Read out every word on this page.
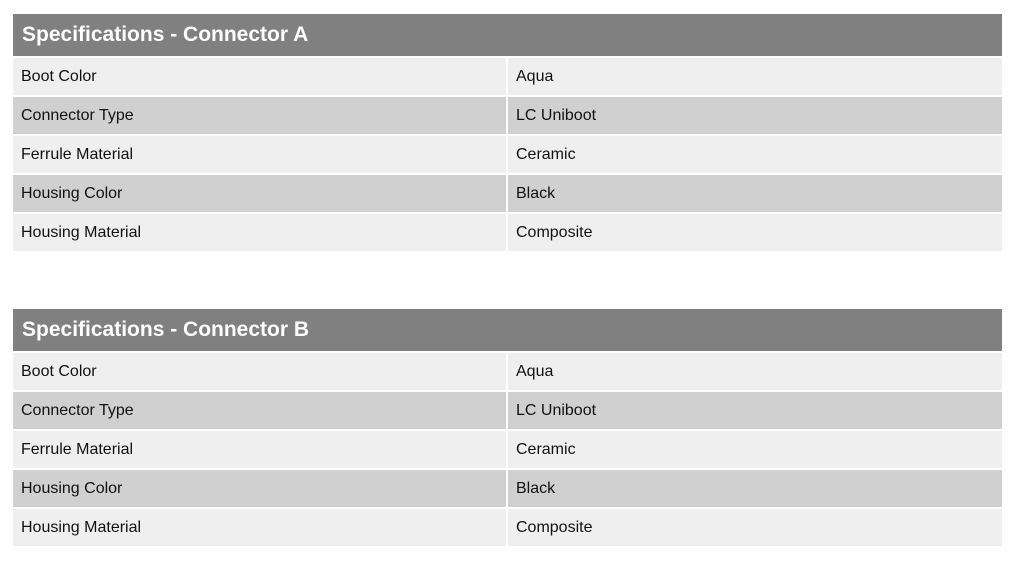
Specifications - Connector A
Boot Color	Aqua
Connector Type	LC Uniboot
Ferrule Material	Ceramic
Housing Color	Black
Housing Material	Composite
Specifications - Connector B
Boot Color	Aqua
Connector Type	LC Uniboot
Ferrule Material	Ceramic
Housing Color	Black
Housing Material	Composite
